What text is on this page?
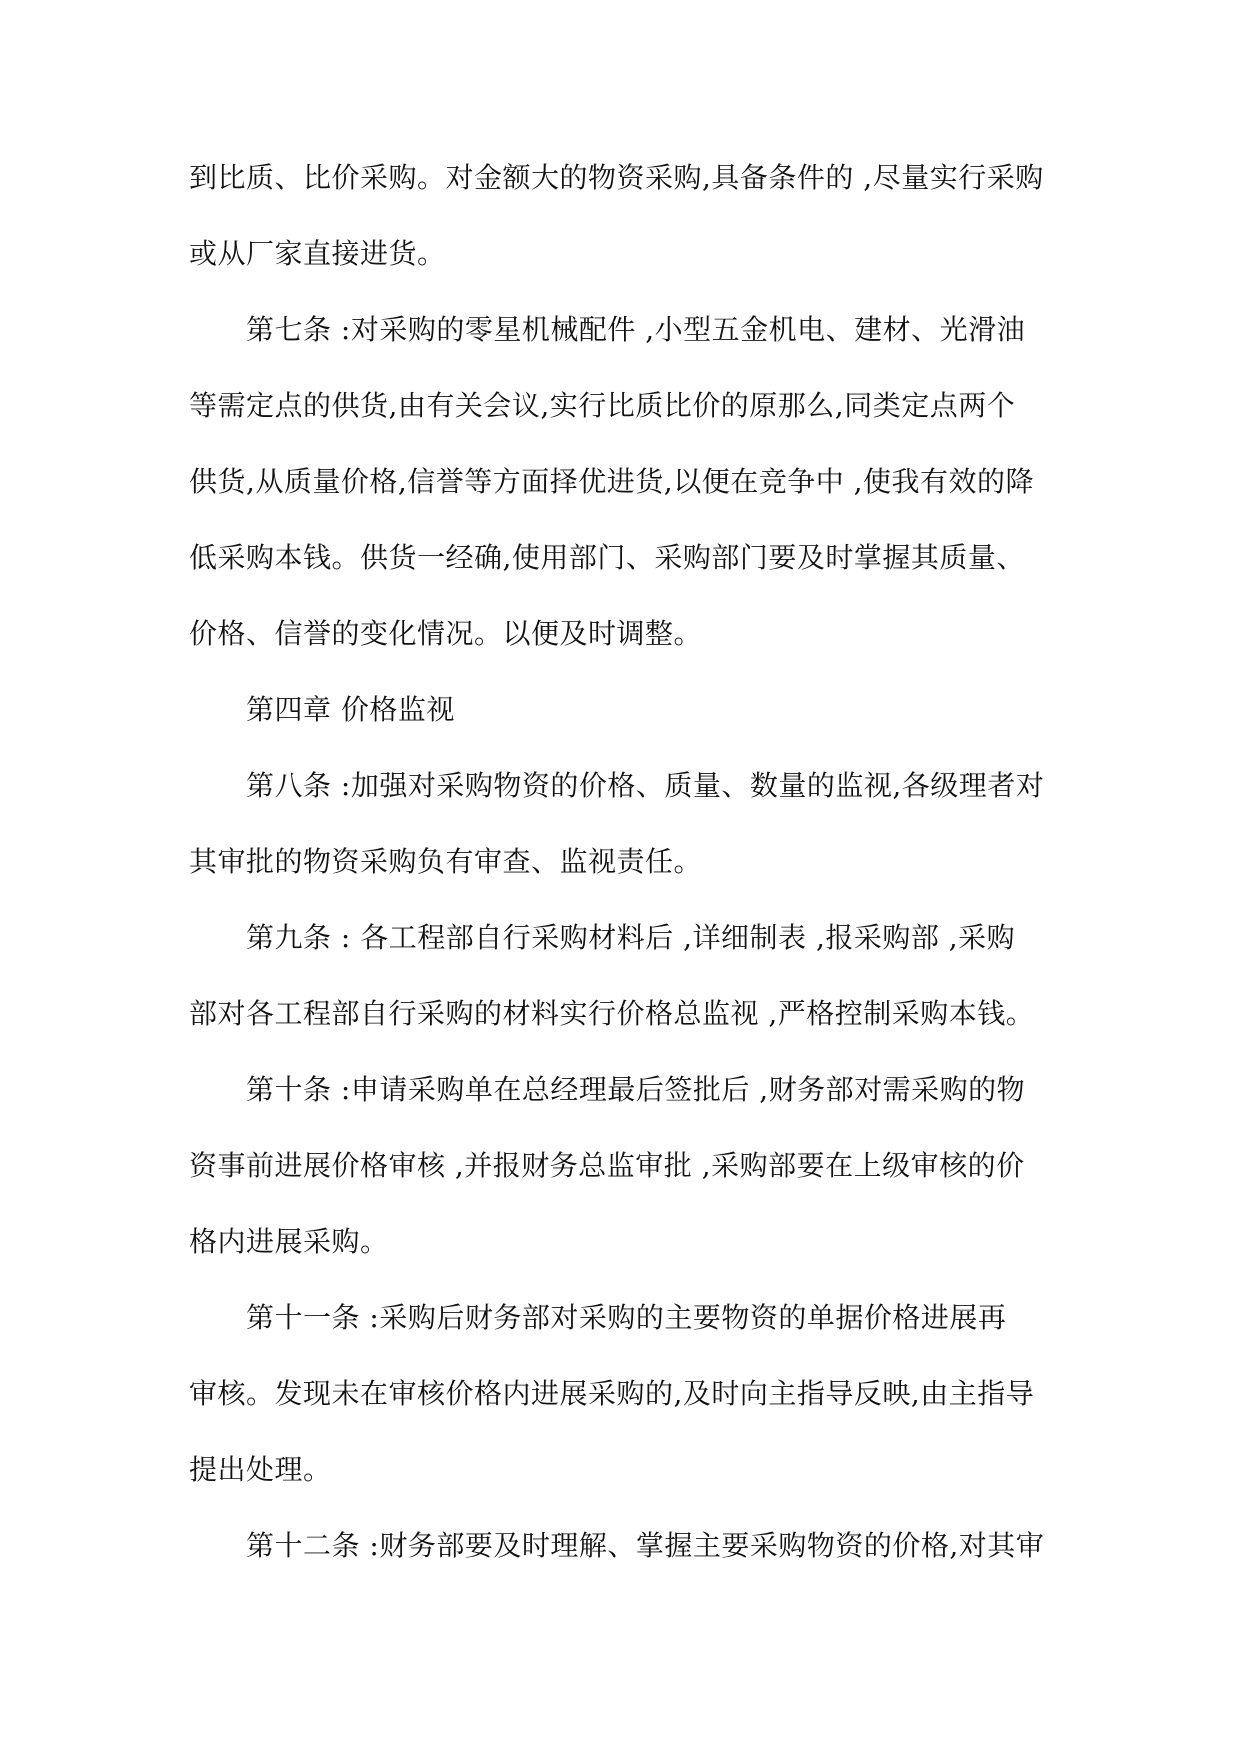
到比质、比价采购。对金额大的物资采购,具备条件的 ,尽量实行采购
或从厂家直接进货。
第七条 :对采购的零星机械配件 ,小型五金机电、建材、光滑油
等需定点的供货,由有关会议,实行比质比价的原那么,同类定点两个
供货,从质量价格,信誉等方面择优进货,以便在竞争中 ,使我有效的降
低采购本钱。供货一经确,使用部门、采购部门要及时掌握其质量、
价格、信誉的变化情况。以便及时调整。
第四章 价格监视
第八条 :加强对采购物资的价格、质量、数量的监视,各级理者对
其审批的物资采购负有审查、监视责任。
第九条 : 各工程部自行采购材料后 ,详细制表 ,报采购部 ,采购
部对各工程部自行采购的材料实行价格总监视 ,严格控制采购本钱。
第十条 :申请采购单在总经理最后签批后 ,财务部对需采购的物
资事前进展价格审核 ,并报财务总监审批 ,采购部要在上级审核的价
格内进展采购。
第十一条 :采购后财务部对采购的主要物资的单据价格进展再
审核。发现未在审核价格内进展采购的,及时向主指导反映,由主指导
提出处理。
第十二条 :财务部要及时理解、掌握主要采购物资的价格,对其审
